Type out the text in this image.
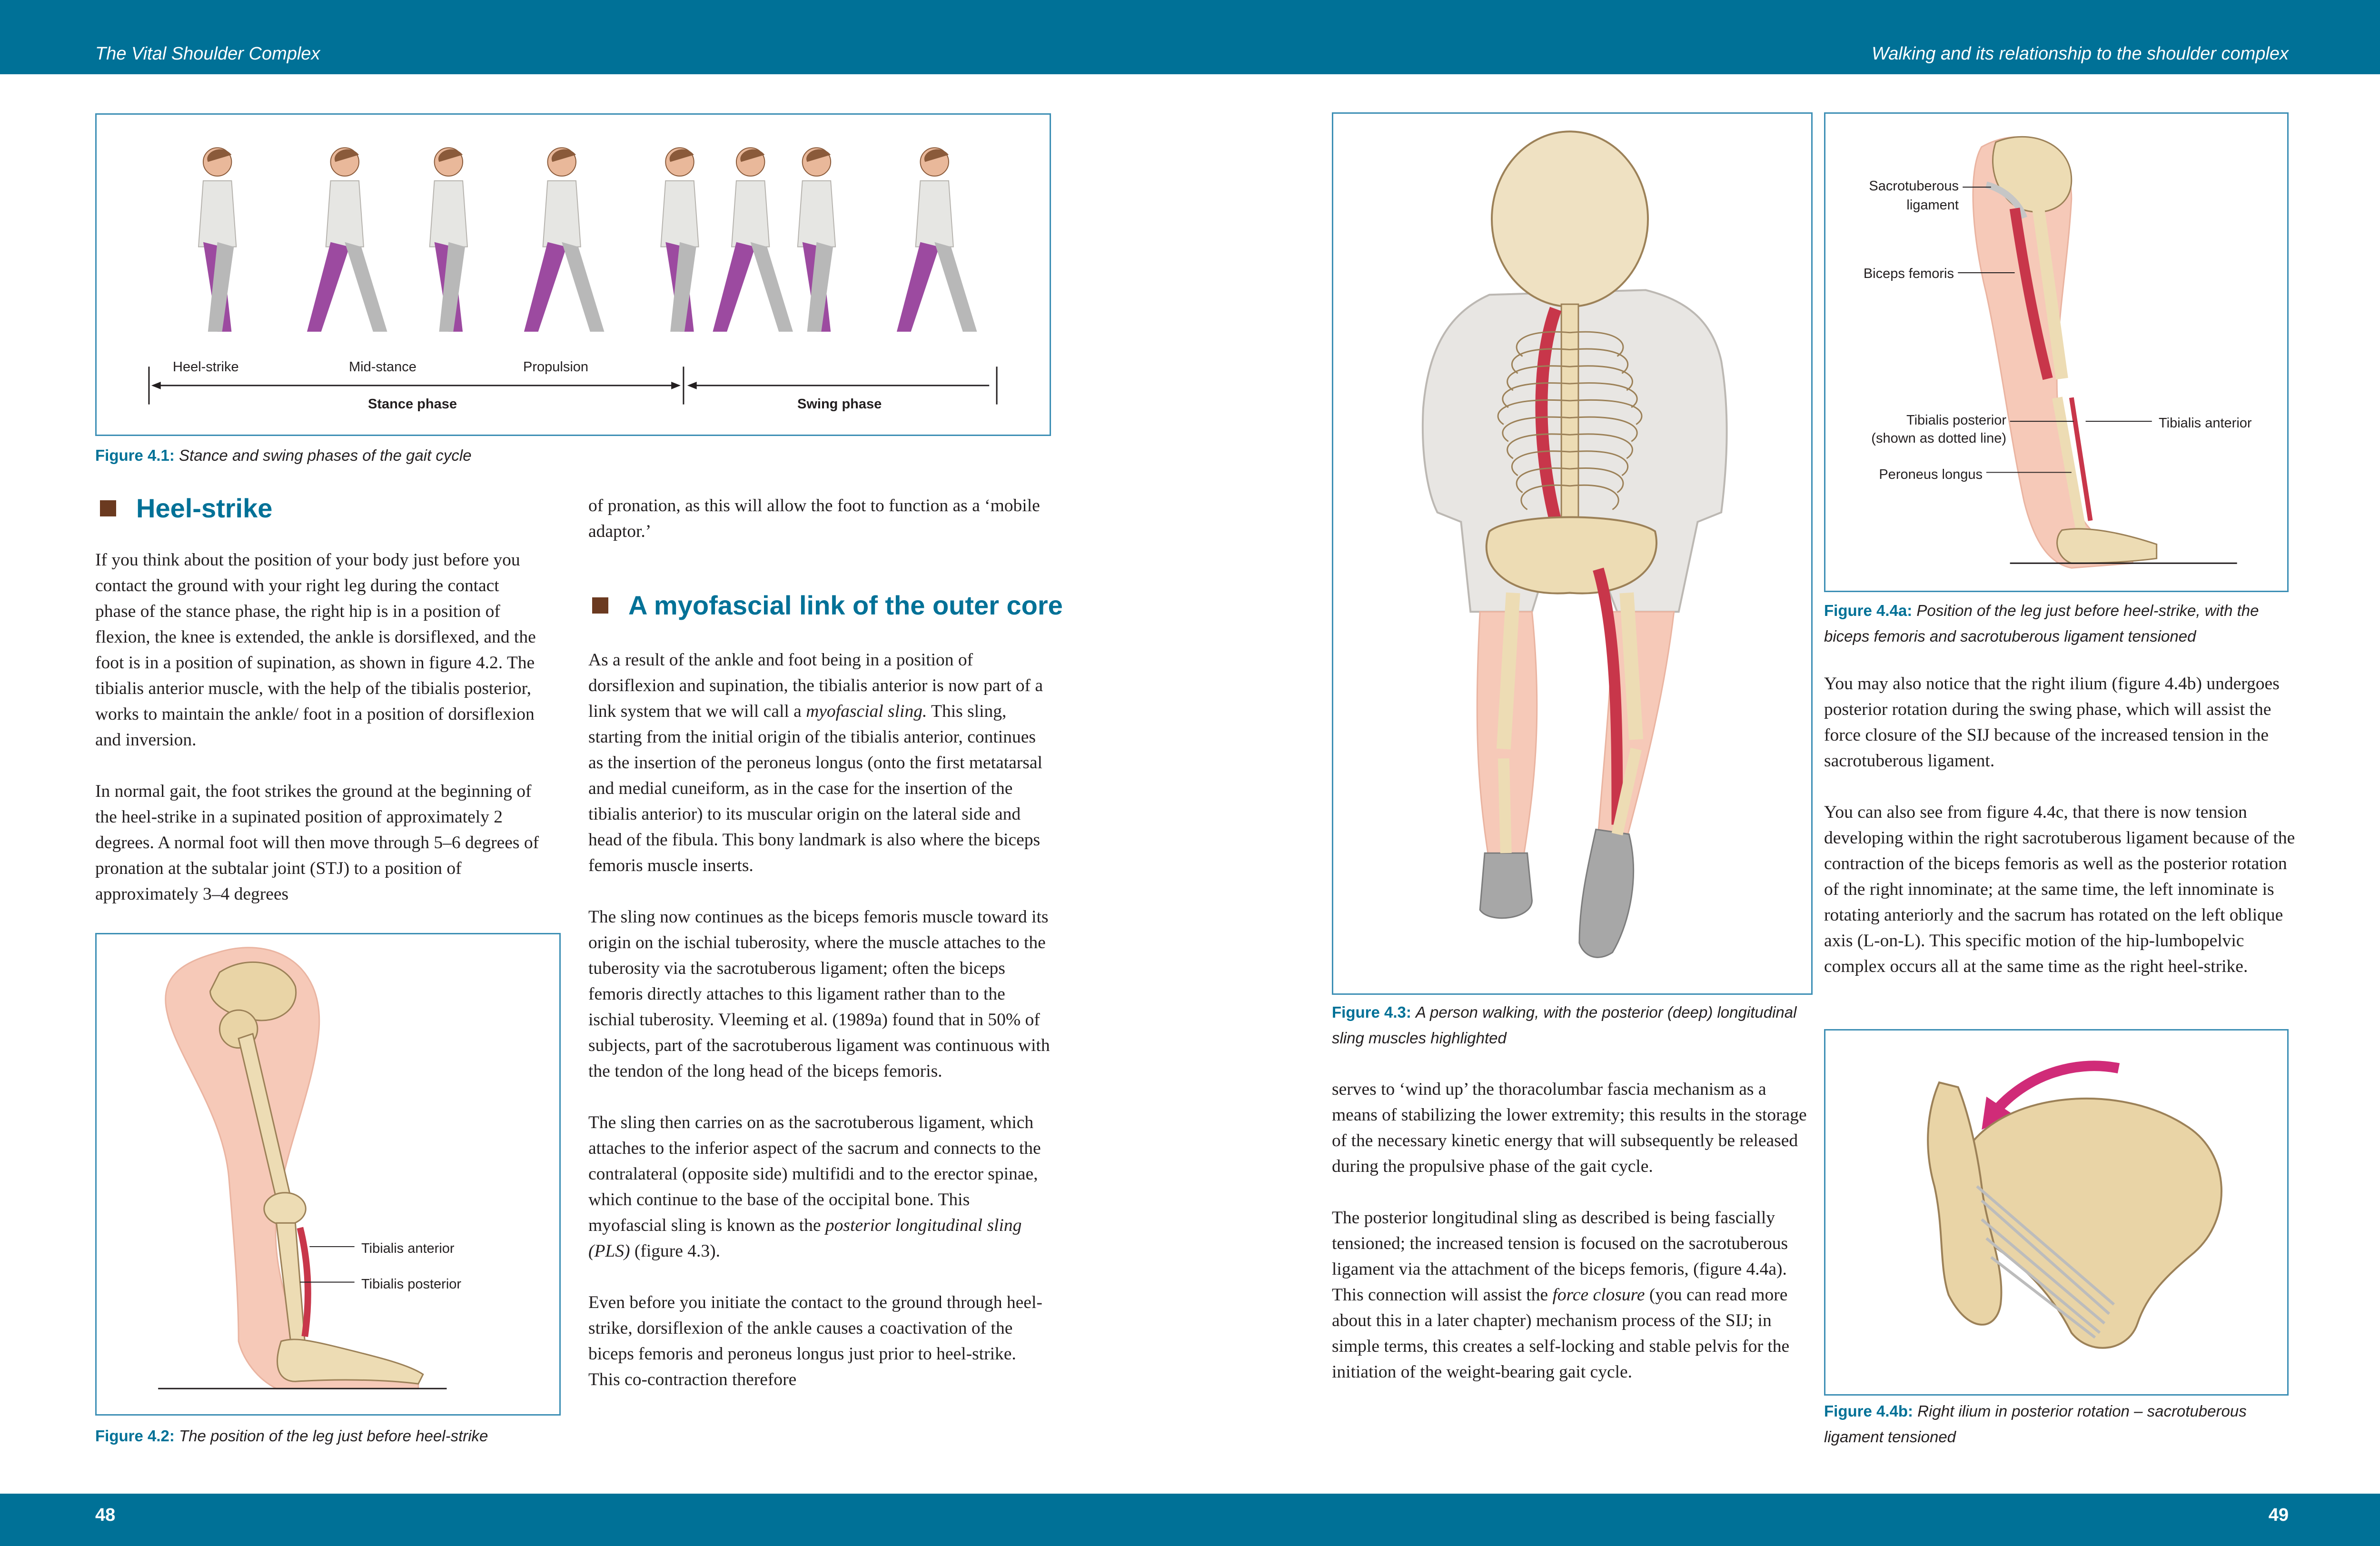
The Vital Shoulder Complex	Walking and its relationship to the shoulder complex
Heel-strike	Mid-stance	Propulsion
Stance phase	Swing phase
Figure 4.1: Stance and swing phases of the gait cycle
Heel-strike

If you think about the position of your body just before you contact the ground with your right leg during the contact phase of the stance phase, the right hip is in a position of flexion, the knee is extended, the ankle is dorsiflexed, and the foot is in a position of supination, as shown in figure 4.2. The tibialis anterior muscle, with the help of the tibialis posterior, works to maintain the ankle/ foot in a position of dorsiflexion and inversion.

In normal gait, the foot strikes the ground at the beginning of the heel-strike in a supinated position of approximately 2 degrees. A normal foot will then move through 5–6 degrees of pronation at the subtalar joint (STJ) to a position of approximately 3–4 degrees

Tibialis anterior
Tibialis posterior
Figure 4.2: The position of the leg just before heel-strike

of pronation, as this will allow the foot to function as a ‘mobile adaptor.’

A myofascial link of the outer core

As a result of the ankle and foot being in a position of dorsiflexion and supination, the tibialis anterior is now part of a link system that we will call a myofascial sling. This sling, starting from the initial origin of the tibialis anterior, continues as the insertion of the peroneus longus (onto the first metatarsal and medial cuneiform, as in the case for the insertion of the tibialis anterior) to its muscular origin on the lateral side and head of the fibula. This bony landmark is also where the biceps femoris muscle inserts.

The sling now continues as the biceps femoris muscle toward its origin on the ischial tuberosity, where the muscle attaches to the tuberosity via the sacrotuberous ligament; often the biceps femoris directly attaches to this ligament rather than to the ischial tuberosity. Vleeming et al. (1989a) found that in 50% of subjects, part of the sacrotuberous ligament was continuous with the tendon of the long head of the biceps femoris.

The sling then carries on as the sacrotuberous ligament, which attaches to the inferior aspect of the sacrum and connects to the contralateral (opposite side) multifidi and to the erector spinae, which continue to the base of the occipital bone. This myofascial sling is known as the posterior longitudinal sling (PLS) (figure 4.3).

Even before you initiate the contact to the ground through heel-strike, dorsiflexion of the ankle causes a coactivation of the biceps femoris and peroneus longus just prior to heel-strike. This co-contraction therefore

Figure 4.3: A person walking, with the posterior (deep) longitudinal sling muscles highlighted

serves to ‘wind up’ the thoracolumbar fascia mechanism as a means of stabilizing the lower extremity; this results in the storage of the necessary kinetic energy that will subsequently be released during the propulsive phase of the gait cycle.

The posterior longitudinal sling as described is being fascially tensioned; the increased tension is focused on the sacrotuberous ligament via the attachment of the biceps femoris, (figure 4.4a). This connection will assist the force closure (you can read more about this in a later chapter) mechanism process of the SIJ; in simple terms, this creates a self-locking and stable pelvis for the initiation of the weight-bearing gait cycle.

Sacrotuberous
ligament
Biceps femoris
Tibialis posterior
(shown as dotted line)
Peroneus longus
Tibialis anterior
Figure 4.4a: Position of the leg just before heel-strike, with the biceps femoris and sacrotuberous ligament tensioned

You may also notice that the right ilium (figure 4.4b) undergoes posterior rotation during the swing phase, which will assist the force closure of the SIJ because of the increased tension in the sacrotuberous ligament.

You can also see from figure 4.4c, that there is now tension developing within the right sacrotuberous ligament because of the contraction of the biceps femoris as well as the posterior rotation of the right innominate; at the same time, the left innominate is rotating anteriorly and the sacrum has rotated on the left oblique axis (L-on-L). This specific motion of the hip-lumbopelvic complex occurs all at the same time as the right heel-strike.

Figure 4.4b: Right ilium in posterior rotation – sacrotuberous ligament tensioned
48	49
